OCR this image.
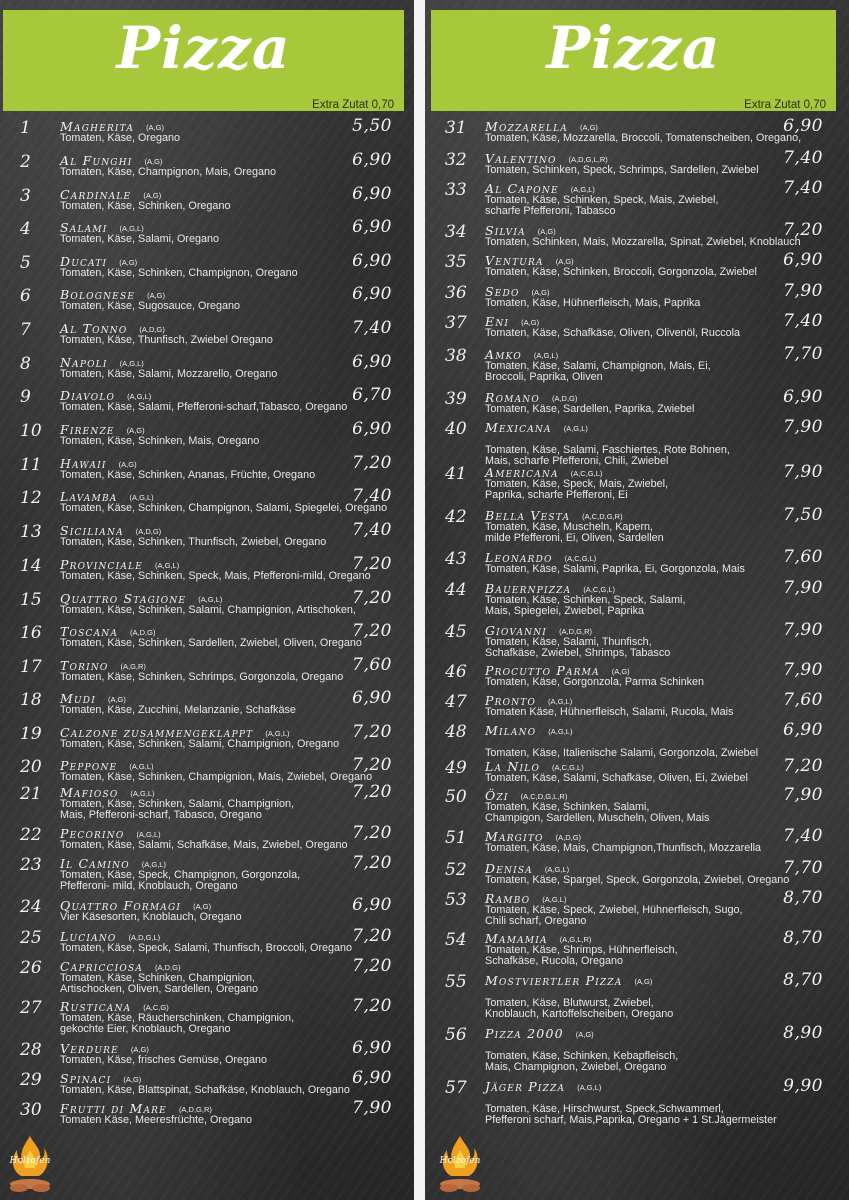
Pizza
Extra Zutat 0,70
1 Magherita (A,G)	5,50
Tomaten, Käse, Oregano
2 Al Funghi (A,G)	6,90
Tomaten, Käse, Champignon, Mais, Oregano
3 Cardinale (A,G)	6,90
Tomaten, Käse, Schinken, Oregano
4 Salami (A,G,L)	6,90
Tomaten, Käse, Salami, Oregano
5 Ducati (A,G)	6,90
Tomaten, Käse, Schinken, Champignon, Oregano
6 Bolognese (A,G)	6,90
Tomaten, Käse, Sugosauce, Oregano
7 Al Tonno (A,D,G)	7,40
Tomaten, Käse, Thunfisch, Zwiebel Oregano
8 Napoli (A,G,L)	6,90
Tomaten, Käse, Salami, Mozzarello, Oregano
9 Diavolo (A,G,L)	6,70
Tomaten, Käse, Salami, Pfefferoni-scharf,Tabasco, Oregano
10 Firenze (A,G)	6,90
Tomaten, Käse, Schinken, Mais, Oregano
11 Hawaii (A,G)	7,20
Tomaten, Käse, Schinken, Ananas, Früchte, Oregano
12 Lavamba (A,G,L)	7,40
Tomaten, Käse, Schinken, Champignon, Salami, Spiegelei, Oregano
13 Siciliana (A,D,G)	7,40
Tomaten, Käse, Schinken, Thunfisch, Zwiebel, Oregano
14 Provinciale (A,G,L)	7,20
Tomaten, Käse, Schinken, Speck, Mais, Pfefferoni-mild, Oregano
15 Quattro Stagione (A,G,L)	7,20
Tomaten, Käse, Schinken, Salami, Champignion, Artischoken,
16 Toscana (A,D,G)	7,20
Tomaten, Käse, Schinken, Sardellen, Zwiebel, Oliven, Oregano
17 Torino (A,G,R)	7,60
Tomaten, Käse, Schinken, Schrimps, Gorgonzola, Oregano
18 Mudi (A,G)	6,90
Tomaten, Käse, Zucchini, Melanzanie, Schafkäse
19 Calzone zusammengeklappt (A,G,L)	7,20
Tomaten, Käse, Schinken, Salami, Champignion, Oregano
20 Peppone (A,G,L)	7,20
Tomaten, Käse, Schinken, Champignion, Mais, Zwiebel, Oregano
21 Mafioso (A,G,L)	7,20
Tomaten, Käse, Schinken, Salami, Champignion,
Mais, Pfefferoni-scharf, Tabasco, Oregano
22 Pecorino (A,G,L)	7,20
Tomaten, Käse, Salami, Schafkäse, Mais, Zwiebel, Oregano
23 Il Camino (A,G,L)	7,20
Tomaten, Käse, Speck, Champignon, Gorgonzola,
Pfefferoni- mild, Knoblauch, Oregano
24 Quattro Formagi (A,G)	6,90
Vier Käsesorten, Knoblauch, Oregano
25 Luciano (A,D,G,L)	7,20
Tomaten, Käse, Speck, Salami, Thunfisch, Broccoli, Oregano
26 Capricciosa (A,D,G)	7,20
Tomaten, Käse, Schinken, Champignion,
Artischocken, Oliven, Sardellen, Oregano
27 Rusticana (A,C,G)	7,20
Tomaten, Käse, Räucherschinken, Champignion,
gekochte Eier, Knoblauch, Oregano
28 Verdure (A,G)	6,90
Tomaten, Käse, frisches Gemüse, Oregano
29 Spinaci (A,G)	6,90
Tomaten, Käse, Blattspinat, Schafkäse, Knoblauch, Oregano
30 Frutti di Mare (A,D,G,R)	7,90
Tomaten Käse, Meeresfrüchte, Oregano
Holzofen
Pizza
Extra Zutat 0,70
31 Mozzarella (A,G)	6,90
Tomaten, Käse, Mozzarella, Broccoli, Tomatenscheiben, Oregano,
32 Valentino (A,D,G,L,R)	7,40
Tomaten, Schinken, Speck, Schrimps, Sardellen, Zwiebel
33 Al Capone (A,G,L)	7,40
Tomaten, Käse, Schinken, Speck, Mais, Zwiebel,
scharfe Pfefferoni, Tabasco
34 Silvia (A,G)	7,20
Tomaten, Schinken, Mais, Mozzarella, Spinat, Zwiebel, Knoblauch
35 Ventura (A,G)	6,90
Tomaten, Käse, Schinken, Broccoli, Gorgonzola, Zwiebel
36 Sedo (A,G)	7,90
Tomaten, Käse, Hühnerfleisch, Mais, Paprika
37 Eni (A,G)	7,40
Tomaten, Käse, Schafkäse, Oliven, Olivenöl, Ruccola
38 Amko (A,G,L)	7,70
Tomaten, Käse, Salami, Champignon, Mais, Ei,
Broccoli, Paprika, Oliven
39 Romano (A,D,G)	6,90
Tomaten, Käse, Sardellen, Paprika, Zwiebel
40 Mexicana (A,G,L)	7,90

Tomaten, Käse, Salami, Faschiertes, Rote Bohnen,
Mais, scharfe Pfefferoni, Chili, Zwiebel
41 Americana (A,C,G,L)	7,90
Tomaten, Käse, Speck, Mais, Zwiebel,
Paprika, scharfe Pfefferoni, Ei
42 Bella Vesta (A,C,D,G,R)	7,50
Tomaten, Käse, Muscheln, Kapern,
milde Pfefferoni, Ei, Oliven, Sardellen
43 Leonardo (A,C,G,L)	7,60
Tomaten, Käse, Salami, Paprika, Ei, Gorgonzola, Mais
44 Bauernpizza (A,C,G,L)	7,90
Tomaten, Käse, Schinken, Speck, Salami,
Mais, Spiegelei, Zwiebel, Paprika
45 Giovanni (A,D,G,R)	7,90
Tomaten, Käse, Salami, Thunfisch,
Schafkäse, Zwiebel, Shrimps, Tabasco
46 Procutto Parma (A,G)	7,90
Tomaten, Käse, Gorgonzola, Parma Schinken
47 Pronto (A,G,L)	7,60
Tomaten Käse, Hühnerfleisch, Salami, Rucola, Mais
48 Milano (A,G,L)	6,90

Tomaten, Käse, Italienische Salami, Gorgonzola, Zwiebel
49 La Nilo (A,C,G,L)	7,20
Tomaten, Käse, Salami, Schafkäse, Oliven, Ei, Zwiebel
50 Özi (A,C,D,G,L,R)	7,90
Tomaten, Käse, Schinken, Salami,
Champigon, Sardellen, Muscheln, Oliven, Mais
51 Margito (A,D,G)	7,40
Tomaten, Käse, Mais, Champignon,Thunfisch, Mozzarella
52 Denisa (A,G,L)	7,70
Tomaten, Käse, Spargel, Speck, Gorgonzola, Zwiebel, Oregano
53 Rambo (A,G,L)	8,70
Tomaten, Käse, Speck, Zwiebel, Hühnerfleisch, Sugo,
Chili scharf, Oregano
54 Mamamia (A,G,L,R)	8,70
Tomaten, Käse, Shrimps, Hühnerfleisch,
Schafkäse, Rucola, Oregano
55 Mostviertler Pizza (A,G)	8,70

Tomaten, Käse, Blutwurst, Zwiebel,
Knoblauch, Kartoffelscheiben, Oregano
56 Pizza 2000 (A,G)	8,90

Tomaten, Käse, Schinken, Kebapfleisch,
Mais, Champignon, Zwiebel, Oregano
57 Jäger Pizza (A,G,L)	9,90

Tomaten, Käse, Hirschwurst, Speck,Schwammerl,
Pfefferoni scharf, Mais,Paprika, Oregano + 1 St.Jägermeister
Holzofen
